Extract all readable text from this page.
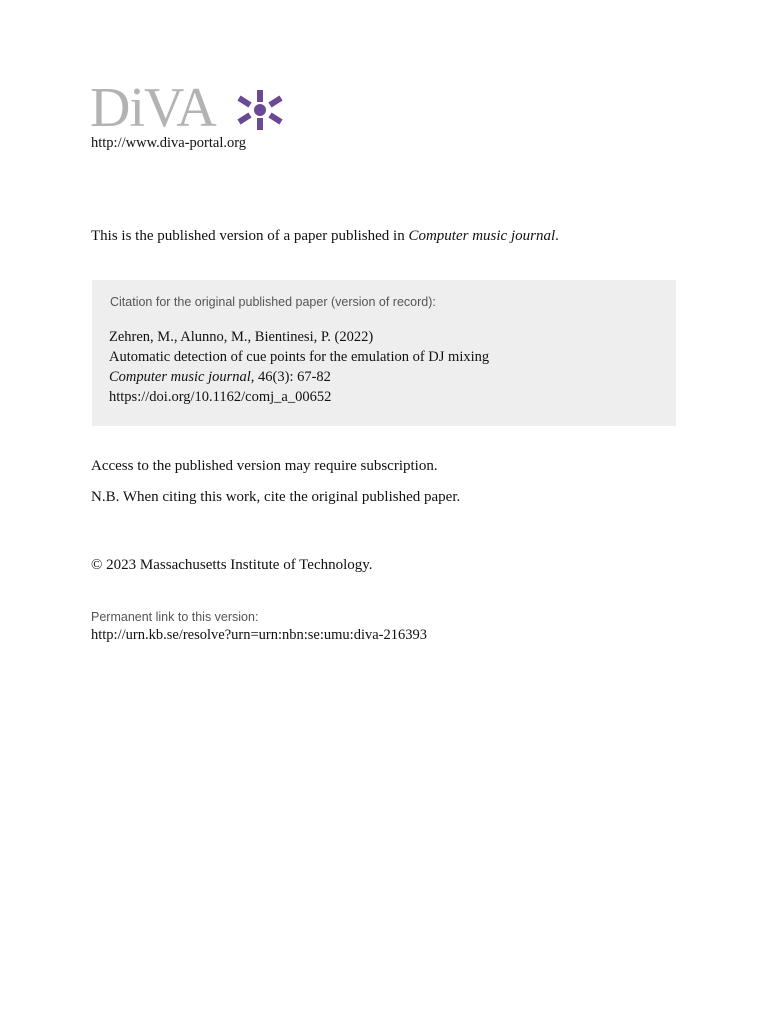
DiVA
http://www.diva-portal.org
This is the published version of a paper published in Computer music journal.
Citation for the original published paper (version of record):
Zehren, M., Alunno, M., Bientinesi, P. (2022)
Automatic detection of cue points for the emulation of DJ mixing
Computer music journal, 46(3): 67-82
https://doi.org/10.1162/comj_a_00652
Access to the published version may require subscription.
N.B. When citing this work, cite the original published paper.
© 2023 Massachusetts Institute of Technology.
Permanent link to this version:
http://urn.kb.se/resolve?urn=urn:nbn:se:umu:diva-216393
